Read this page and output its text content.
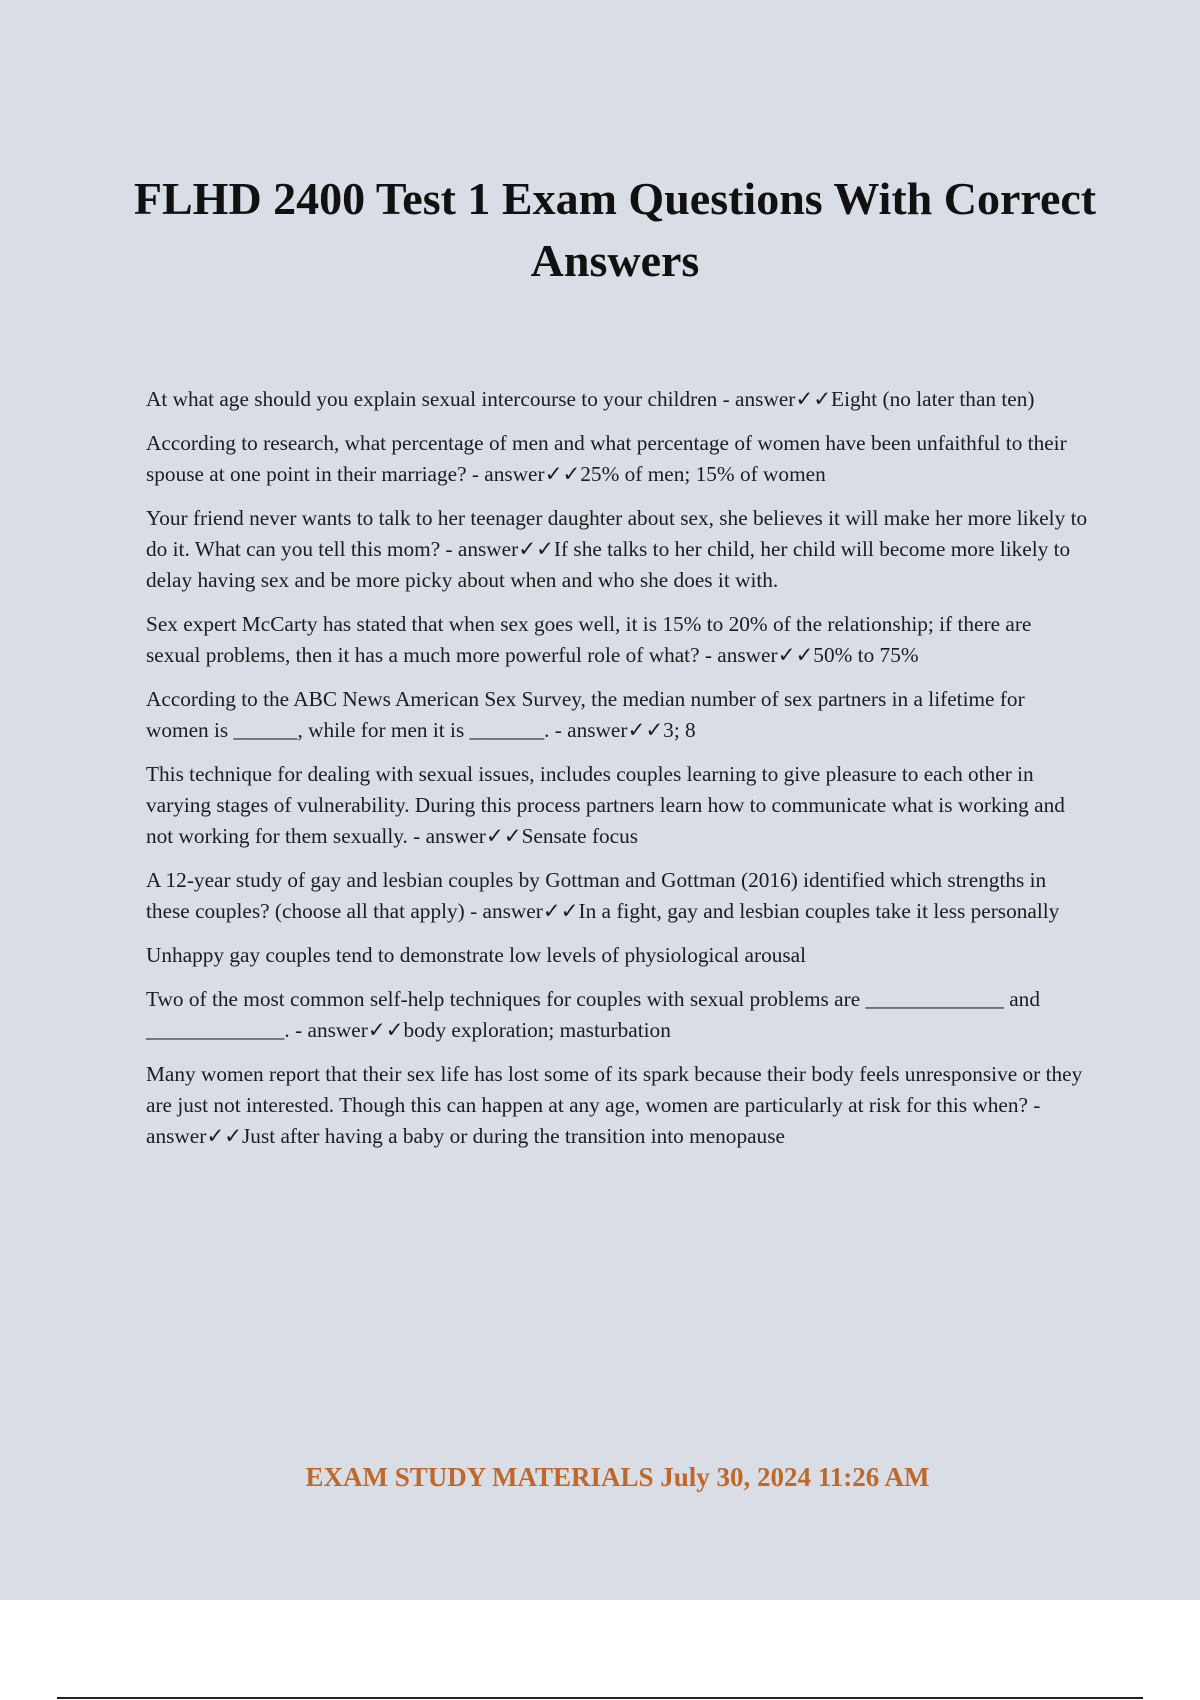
FLHD 2400 Test 1 Exam Questions With Correct Answers

At what age should you explain sexual intercourse to your children - answer✓✓Eight (no later than ten)

According to research, what percentage of men and what percentage of women have been unfaithful to their spouse at one point in their marriage? - answer✓✓25% of men; 15% of women

Your friend never wants to talk to her teenager daughter about sex, she believes it will make her more likely to do it. What can you tell this mom? - answer✓✓If she talks to her child, her child will become more likely to delay having sex and be more picky about when and who she does it with.

Sex expert McCarty has stated that when sex goes well, it is 15% to 20% of the relationship; if there are sexual problems, then it has a much more powerful role of what? - answer✓✓50% to 75%

According to the ABC News American Sex Survey, the median number of sex partners in a lifetime for women is ______, while for men it is _______. - answer✓✓3; 8

This technique for dealing with sexual issues, includes couples learning to give pleasure to each other in varying stages of vulnerability. During this process partners learn how to communicate what is working and not working for them sexually. - answer✓✓Sensate focus

A 12-year study of gay and lesbian couples by Gottman and Gottman (2016) identified which strengths in these couples? (choose all that apply) - answer✓✓In a fight, gay and lesbian couples take it less personally

Unhappy gay couples tend to demonstrate low levels of physiological arousal

Two of the most common self-help techniques for couples with sexual problems are _____________ and _____________. - answer✓✓body exploration; masturbation

Many women report that their sex life has lost some of its spark because their body feels unresponsive or they are just not interested. Though this can happen at any age, women are particularly at risk for this when? - answer✓✓Just after having a baby or during the transition into menopause

EXAM STUDY MATERIALS July 30, 2024 11:26 AM
